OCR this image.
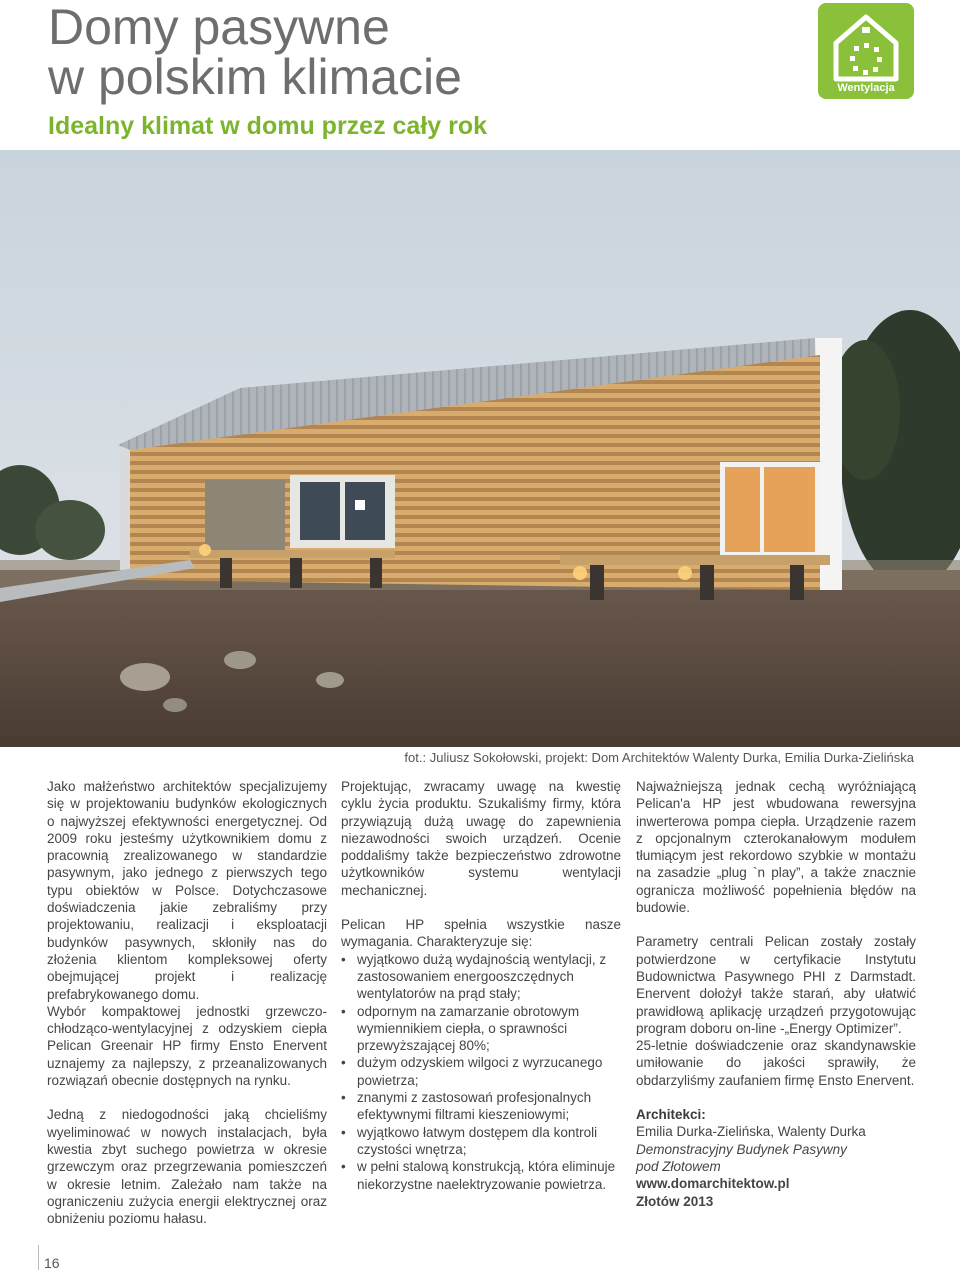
Domy pasywne
w polskim klimacie
Idealny klimat w domu przez cały rok
Wentylacja
fot.: Juliusz Sokołowski, projekt: Dom Architektów Walenty Durka, Emilia Durka-Zielińska

Jako małżeństwo architektów specjalizujemy się w projektowaniu budynków ekologicznych o najwyższej efektywności energetycznej. Od 2009 roku jesteśmy użytkownikiem domu z pracownią zrealizowanego w standardzie pasywnym, jako jednego z pierwszych tego typu obiektów w Polsce. Dotychczasowe doświadczenia jakie zebraliśmy przy projektowaniu, realizacji i eksploatacji budynków pasywnych, skłoniły nas do złożenia klientom kompleksowej oferty obejmującej projekt i realizację prefabrykowanego domu.

Wybór kompaktowej jednostki grzewczo-chłodząco-wentylacyjnej z odzyskiem ciepła Pelican Greenair HP firmy Ensto Enervent uznajemy za najlepszy, z przeanalizowanych rozwiązań obecnie dostępnych na rynku.

Jedną z niedogodności jaką chcieliśmy wyeliminować w nowych instalacjach, była kwestia zbyt suchego powietrza w okresie grzewczym oraz przegrzewania pomieszczeń w okresie letnim. Zależało nam także na ograniczeniu zużycia energii elektrycznej oraz obniżeniu poziomu hałasu.

Projektując, zwracamy uwagę na kwestię cyklu życia produktu. Szukaliśmy firmy, która przywiązują dużą uwagę do zapewnienia niezawodności swoich urządzeń. Ocenie poddaliśmy także bezpieczeństwo zdrowotne użytkowników systemu wentylacji mechanicznej.

Pelican HP spełnia wszystkie nasze wymagania. Charakteryzuje się:

• wyjątkowo dużą wydajnością wentylacji, z zastosowaniem energooszczędnych wentylatorów na prąd stały;
• odpornym na zamarzanie obrotowym wymiennikiem ciepła, o sprawności przewyższającej 80%;
• dużym odzyskiem wilgoci z wyrzucanego powietrza;
• znanymi z zastosowań profesjonalnych efektywnymi filtrami kieszeniowymi;
• wyjątkowo łatwym dostępem dla kontroli czystości wnętrza;
• w pełni stalową konstrukcją, która eliminuje niekorzystne naelektryzowanie powietrza.

Najważniejszą jednak cechą wyróżniającą Pelican'a HP jest wbudowana rewersyjna inwerterowa pompa ciepła. Urządzenie razem z opcjonalnym czterokanałowym modułem tłumiącym jest rekordowo szybkie w montażu na zasadzie „plug `n play”, a także znacznie ogranicza możliwość popełnienia błędów na budowie.

Parametry centrali Pelican zostały zostały potwierdzone w certyfikacie Instytutu Budownictwa Pasywnego PHI z Darmstadt. Enervent dołożył także starań, aby ułatwić prawidłową aplikację urządzeń przygotowując program doboru on-line -„Energy Optimizer”.

25-letnie doświadczenie oraz skandynawskie umiłowanie do jakości sprawiły, że obdarzyliśmy zaufaniem firmę Ensto Enervent.

Architekci:
Emilia Durka-Zielińska, Walenty Durka
Demonstracyjny Budynek Pasywny
pod Złotowem
www.domarchitektow.pl
Złotów 2013
16
